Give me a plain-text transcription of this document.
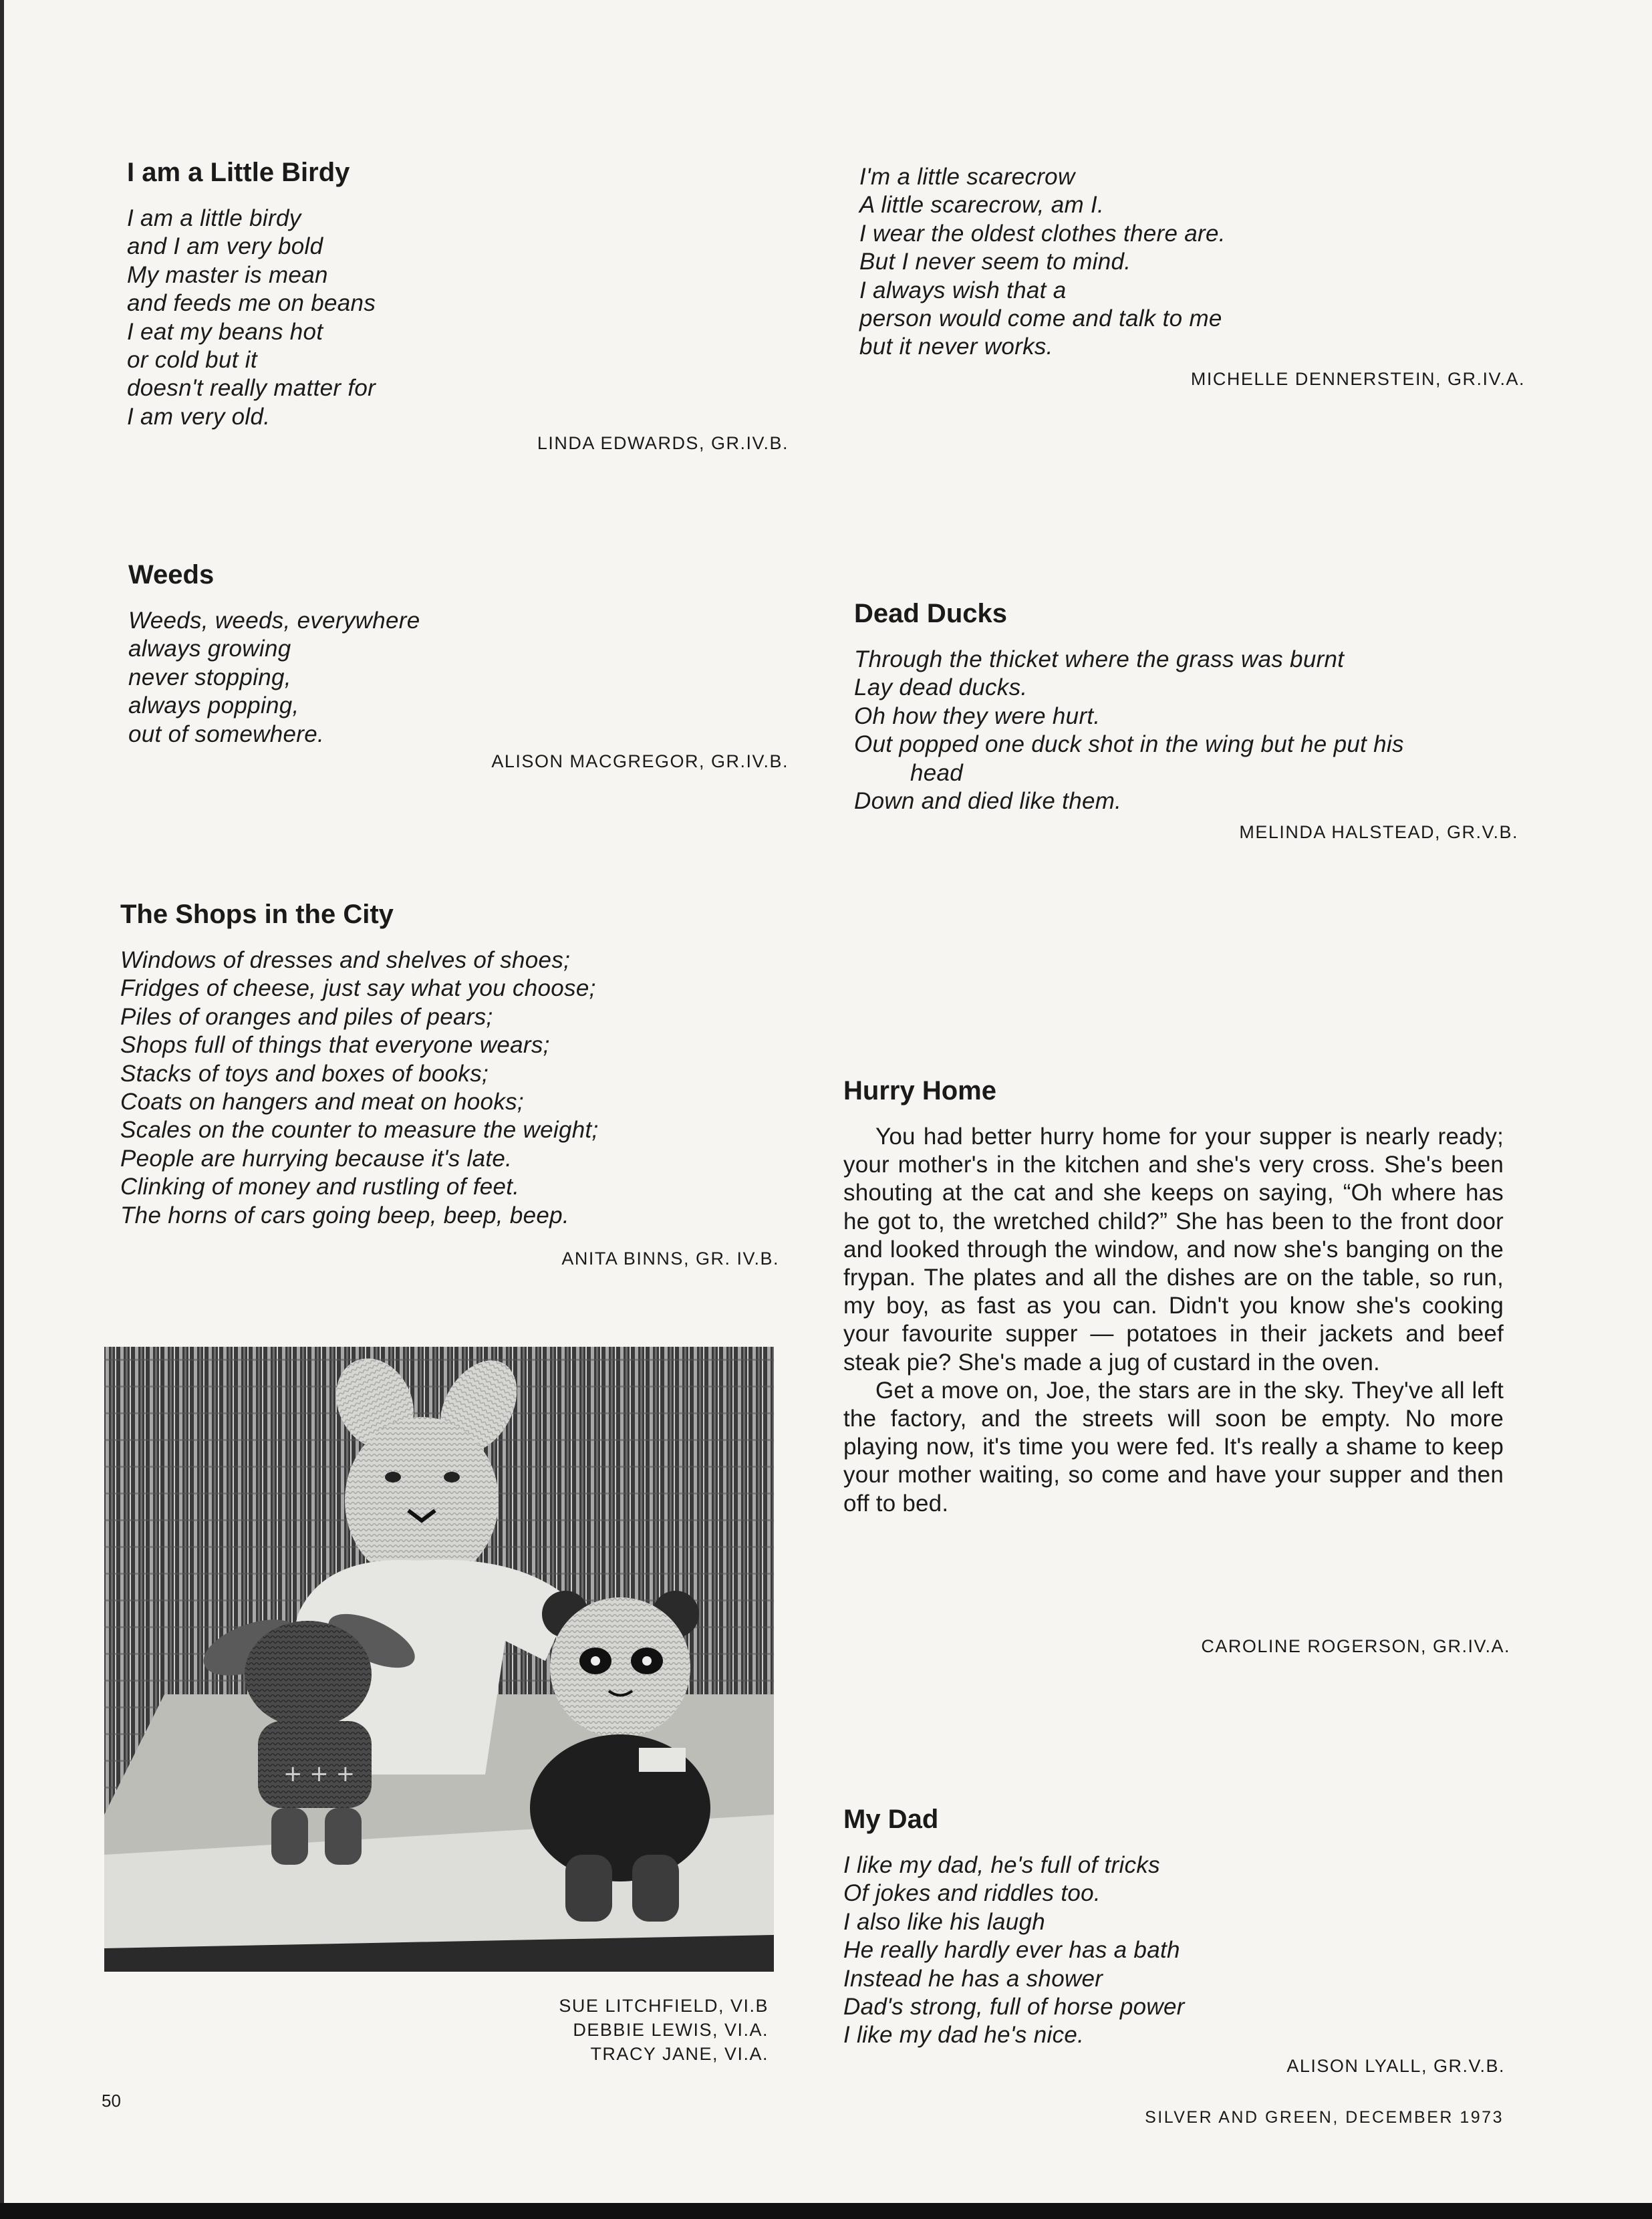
I am a Little Birdy
I am a little birdy
and I am very bold
My master is mean
and feeds me on beans
I eat my beans hot
or cold but it
doesn't really matter for
I am very old.
LINDA EDWARDS, GR.IV.B.
I'm a little scarecrow
A little scarecrow, am I.
I wear the oldest clothes there are.
But I never seem to mind.
I always wish that a
person would come and talk to me
but it never works.
MICHELLE DENNERSTEIN, GR.IV.A.
Weeds
Weeds, weeds, everywhere
always growing
never stopping,
always popping,
out of somewhere.
ALISON MACGREGOR, GR.IV.B.
Dead Ducks
Through the thicket where the grass was burnt
Lay dead ducks.
Oh how they were hurt.
Out popped one duck shot in the wing but he put his
head
Down and died like them.
MELINDA HALSTEAD, GR.V.B.
The Shops in the City
Windows of dresses and shelves of shoes;
Fridges of cheese, just say what you choose;
Piles of oranges and piles of pears;
Shops full of things that everyone wears;
Stacks of toys and boxes of books;
Coats on hangers and meat on hooks;
Scales on the counter to measure the weight;
People are hurrying because it's late.
Clinking of money and rustling of feet.
The horns of cars going beep, beep, beep.
ANITA BINNS, GR. IV.B.
+ + +
SUE LITCHFIELD, VI.B
DEBBIE LEWIS, VI.A.
TRACY JANE, VI.A.
Hurry Home

You had better hurry home for your supper is nearly ready; your mother's in the kitchen and she's very cross. She's been shouting at the cat and she keeps on saying, “Oh where has he got to, the wretched child?” She has been to the front door and looked through the window, and now she's banging on the frypan. The plates and all the dishes are on the table, so run, my boy, as fast as you can. Didn't you know she's cooking your favourite supper — potatoes in their jackets and beef steak pie? She's made a jug of custard in the oven.

Get a move on, Joe, the stars are in the sky. They've all left the factory, and the streets will soon be empty. No more playing now, it's time you were fed. It's really a shame to keep your mother waiting, so come and have your supper and then off to bed.

CAROLINE ROGERSON, GR.IV.A.
My Dad
I like my dad, he's full of tricks
Of jokes and riddles too.
I also like his laugh
He really hardly ever has a bath
Instead he has a shower
Dad's strong, full of horse power
I like my dad he's nice.
ALISON LYALL, GR.V.B.
50
SILVER AND GREEN, DECEMBER 1973
